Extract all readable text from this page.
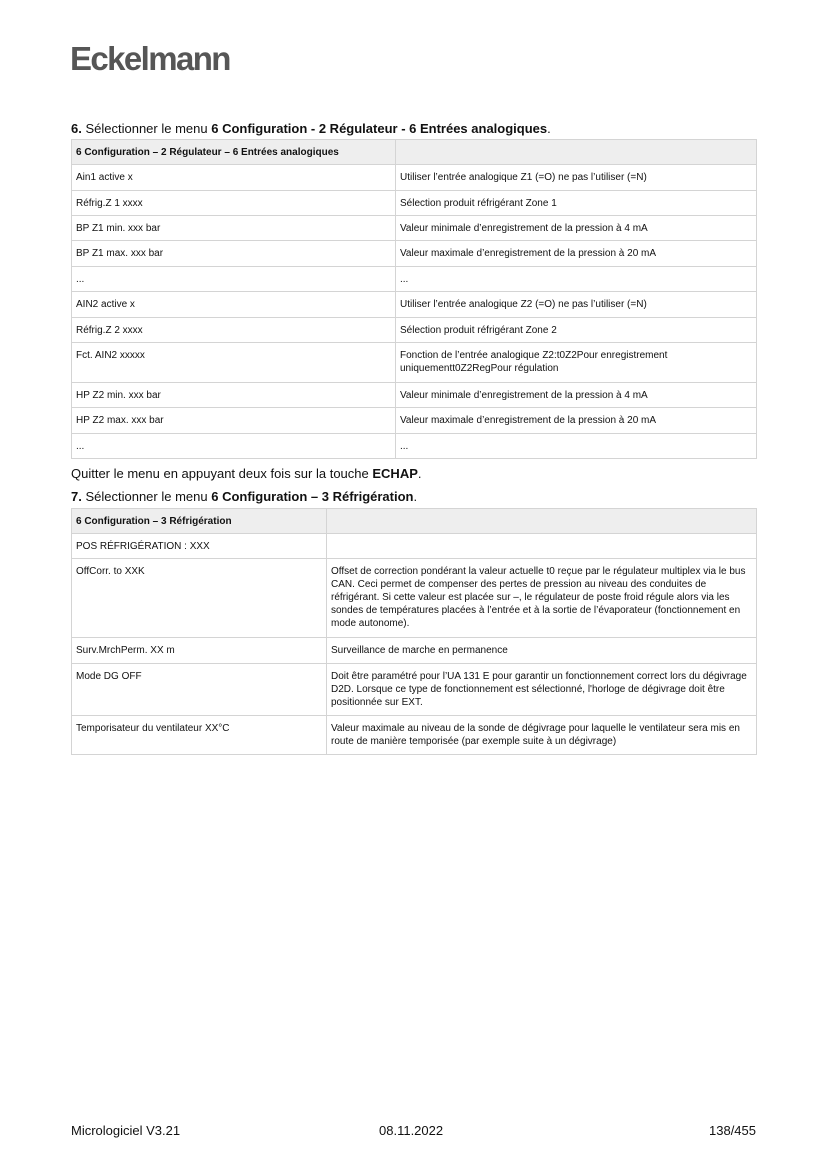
Eckelmann
6. Sélectionner le menu 6 Configuration - 2 Régulateur - 6 Entrées analogiques.
6 Configuration – 2 Régulateur – 6 Entrées analogiques	
Ain1 active x	Utiliser l’entrée analogique Z1 (=O) ne pas l’utiliser (=N)
Réfrig.Z 1 xxxx	Sélection produit réfrigérant Zone 1
BP Z1 min. xxx bar	Valeur minimale d’enregistrement de la pression à 4 mA
BP Z1 max. xxx bar	Valeur maximale d’enregistrement de la pression à 20 mA
...	...
AIN2 active x	Utiliser l’entrée analogique Z2 (=O) ne pas l’utiliser (=N)
Réfrig.Z 2 xxxx	Sélection produit réfrigérant Zone 2
Fct. AIN2 xxxxx	Fonction de l’entrée analogique Z2:t0Z2Pour enregistrement uniquementt0Z2RegPour régulation
HP Z2 min. xxx bar	Valeur minimale d’enregistrement de la pression à 4 mA
HP Z2 max. xxx bar	Valeur maximale d’enregistrement de la pression à 20 mA
...	...
Quitter le menu en appuyant deux fois sur la touche ECHAP.
7. Sélectionner le menu 6 Configuration – 3 Réfrigération.
6 Configuration – 3 Réfrigération	
POS RÉFRIGÉRATION : XXX	
OffCorr. to XXK	Offset de correction pondérant la valeur actuelle t0 reçue par le régulateur multiplex via le bus CAN. Ceci permet de compenser des pertes de pression au niveau des conduites de réfrigérant. Si cette valeur est placée sur –, le régulateur de poste froid régule alors via les sondes de températures placées à l’entrée et à la sortie de l’évaporateur (fonctionnement en mode autonome).
Surv.MrchPerm. XX m	Surveillance de marche en permanence
Mode DG OFF	Doit être paramétré pour l’UA 131 E pour garantir un fonctionnement correct lors du dégivrage D2D. Lorsque ce type de fonctionnement est sélectionné, l'horloge de dégivrage doit être positionnée sur EXT.
Temporisateur du ventilateur XX°C	Valeur maximale au niveau de la sonde de dégivrage pour laquelle le ventilateur sera mis en route de manière temporisée (par exemple suite à un dégivrage)
Micrologiciel V3.21	08.11.2022	138/455
